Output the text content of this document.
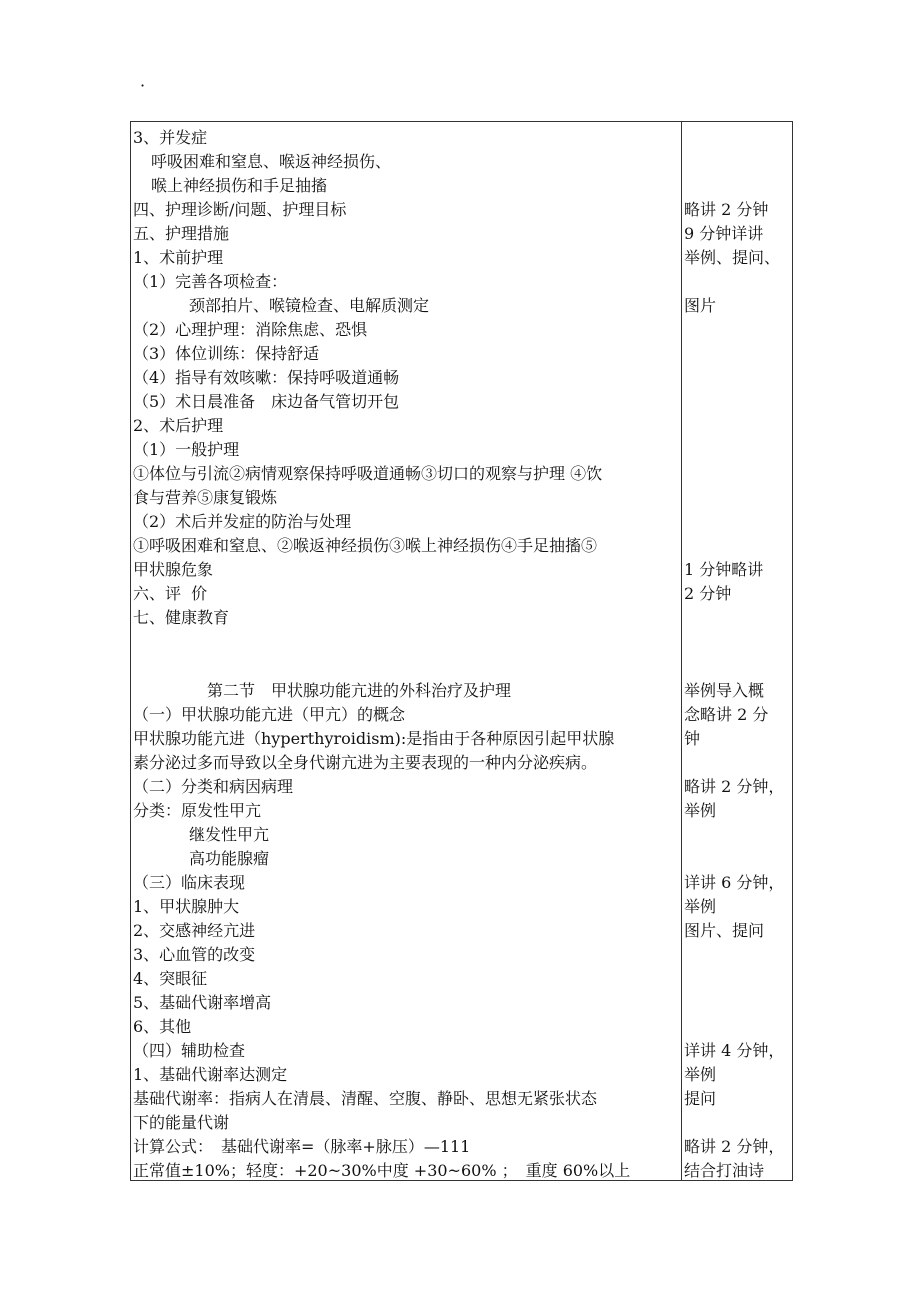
·
3、并发症
呼吸困难和窒息、喉返神经损伤、
喉上神经损伤和手足抽搐
四、护理诊断/问题、护理目标
五、护理措施
1、术前护理
（1）完善各项检查：
颈部拍片、喉镜检查、电解质测定
（2）心理护理：消除焦虑、恐惧
（3）体位训练：保持舒适
（4）指导有效咳嗽：保持呼吸道通畅
（5）术日晨准备　床边备气管切开包
2、术后护理
（1）一般护理
①体位与引流②病情观察保持呼吸道通畅③切口的观察与护理 ④饮
食与营养⑤康复锻炼
（2）术后并发症的防治与处理
①呼吸困难和窒息、②喉返神经损伤③喉上神经损伤④手足抽搐⑤
甲状腺危象
六、评  价
七、健康教育
第二节　甲状腺功能亢进的外科治疗及护理
（一）甲状腺功能亢进（甲亢）的概念
甲状腺功能亢进（hyperthyroidism):是指由于各种原因引起甲状腺
素分泌过多而导致以全身代谢亢进为主要表现的一种内分泌疾病。
（二）分类和病因病理
分类：原发性甲亢
继发性甲亢
高功能腺瘤
（三）临床表现
1、甲状腺肿大
2、交感神经亢进
3、心血管的改变
4、突眼征
5、基础代谢率增高
6、其他
（四）辅助检查
1、基础代谢率达测定
基础代谢率：指病人在清晨、清醒、空腹、静卧、思想无紧张状态
下的能量代谢
计算公式：　基础代谢率=（脉率+脉压）—111
正常值±10%；轻度：+20~30%中度 +30~60% ；　重度 60%以上
略讲 2 分钟
9 分钟详讲
举例、提问、
图片
1 分钟略讲
2 分钟
举例导入概
念略讲 2 分
钟
略讲 2 分钟，
举例
详讲 6 分钟，
举例
图片、提问
详讲 4 分钟，
举例
提问
略讲 2 分钟，
结合打油诗
